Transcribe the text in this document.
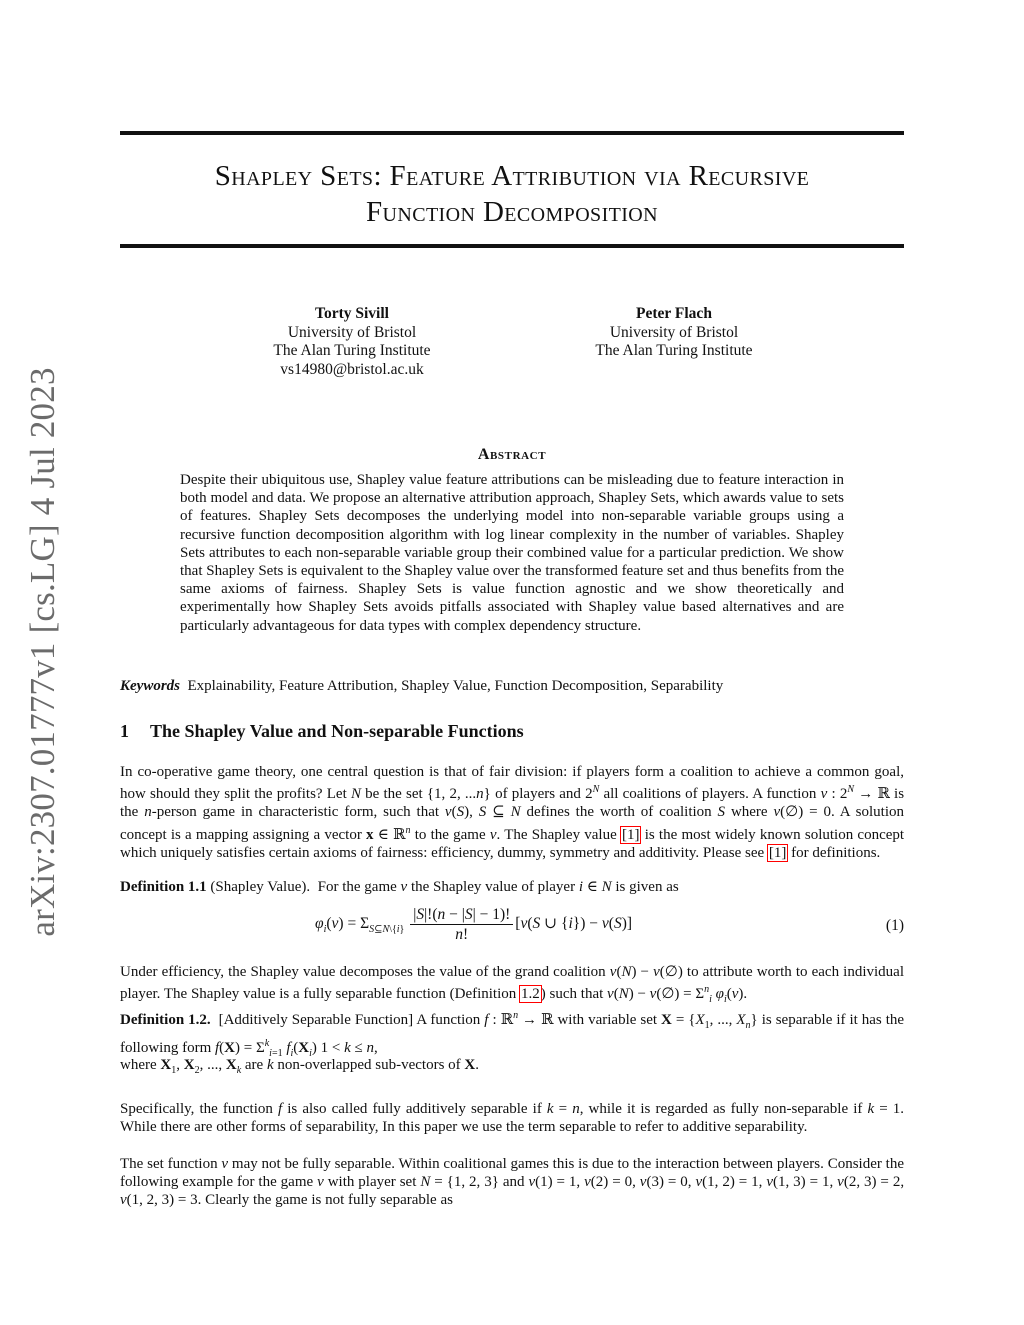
arXiv:2307.01777v1 [cs.LG] 4 Jul 2023
Shapley Sets: Feature Attribution via Recursive
Function Decomposition
Torty Sivill
University of Bristol
The Alan Turing Institute
vs14980@bristol.ac.uk
Peter Flach
University of Bristol
The Alan Turing Institute
Abstract
Despite their ubiquitous use, Shapley value feature attributions can be misleading due to feature interaction in both model and data. We propose an alternative attribution approach, Shapley Sets, which awards value to sets of features. Shapley Sets decomposes the underlying model into non-separable variable groups using a recursive function decomposition algorithm with log linear complexity in the number of variables. Shapley Sets attributes to each non-separable variable group their combined value for a particular prediction. We show that Shapley Sets is equivalent to the Shapley value over the transformed feature set and thus benefits from the same axioms of fairness. Shapley Sets is value function agnostic and we show theoretically and experimentally how Shapley Sets avoids pitfalls associated with Shapley value based alternatives and are particularly advantageous for data types with complex dependency structure.
Keywords Explainability, Feature Attribution, Shapley Value, Function Decomposition, Separability
1 The Shapley Value and Non-separable Functions
In co-operative game theory, one central question is that of fair division: if players form a coalition to achieve a common goal, how should they split the profits? Let N be the set {1, 2, ...n} of players and $2^N$ all coalitions of players. A function v : $2^N$ → ℝ is the n-person game in characteristic form, such that v(S), S ⊆ N defines the worth of coalition S where v(∅) = 0. A solution concept is a mapping assigning a vector x ∈ ℝ$^n$ to the game v. The Shapley value [1] is the most widely known solution concept which uniquely satisfies certain axioms of fairness: efficiency, dummy, symmetry and additivity. Please see [1] for definitions.
Definition 1.1 (Shapley Value). For the game v the Shapley value of player i ∈ N is given as
$\varphi_i(v) = \Sigma_{S⊆N\backslash\{i\}} \frac{|S|!(n - |S| - 1)!}{n!} [v(S$ ∪ {i}) − v(S)]	(1)
Under efficiency, the Shapley value decomposes the value of the grand coalition v(N) − v(∅) to attribute worth to each individual player. The Shapley value is a fully separable function (Definition 1.2) such that v(N) − v(∅) = $\Sigma^n_i$ $\varphi_i(v)$.
Definition 1.2. [Additively Separable Function] A function f : ℝ$^n$ → ℝ with variable set $X = \{X_1$, ..., $X_n$} is separable if it has the following form $f(X) = \Sigma^k_{i=1}$ $f_i(X_i) 1 < k \le n$,
where $X_1$, $X_2$, ..., $X_k$ are k non-overlapped sub-vectors of X.
Specifically, the function f is also called fully additively separable if k = n, while it is regarded as fully non-separable if k = 1. While there are other forms of separability, In this paper we use the term separable to refer to additive separability.
The set function v may not be fully separable. Within coalitional games this is due to the interaction between players. Consider the following example for the game v with player set N = {1, 2, 3} and v(1) = 1, v(2) = 0, v(3) = 0, v(1, 2) = 1, v(1, 3) = 1, v(2, 3) = 2, v(1, 2, 3) = 3. Clearly the game is not fully separable as
